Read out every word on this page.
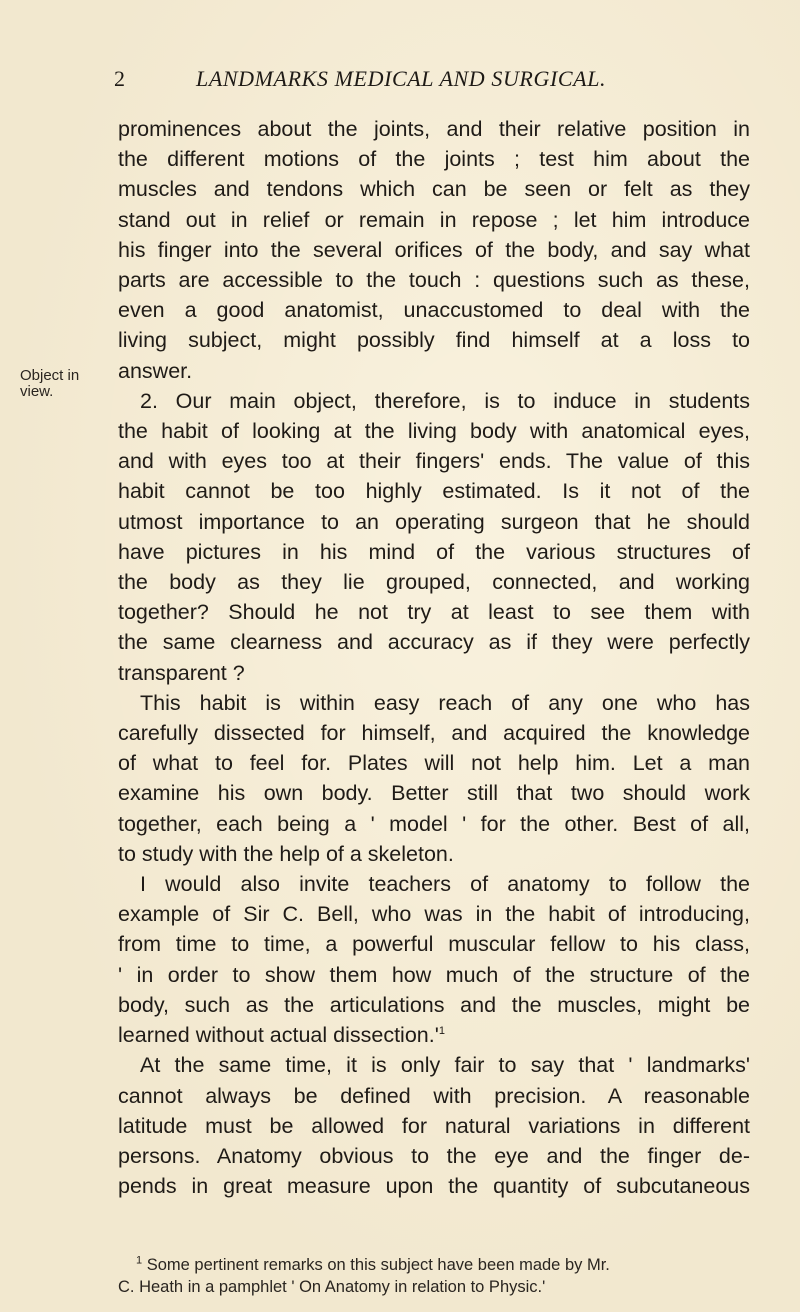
2	LANDMARKS MEDICAL AND SURGICAL.
Object in
view.

prominences about the joints, and their relative position in

the different motions of the joints ; test him about the

muscles and tendons which can be seen or felt as they

stand out in relief or remain in repose ; let him introduce

his finger into the several orifices of the body, and say what

parts are accessible to the touch : questions such as these,

even a good anatomist, unaccustomed to deal with the

living subject, might possibly find himself at a loss to

answer.

2. Our main object, therefore, is to induce in students

the habit of looking at the living body with anatomical eyes,

and with eyes too at their fingers' ends. The value of this

habit cannot be too highly estimated. Is it not of the

utmost importance to an operating surgeon that he should

have pictures in his mind of the various structures of

the body as they lie grouped, connected, and working

together? Should he not try at least to see them with

the same clearness and accuracy as if they were perfectly

transparent ?

This habit is within easy reach of any one who has

carefully dissected for himself, and acquired the knowledge

of what to feel for. Plates will not help him. Let a man

examine his own body. Better still that two should work

together, each being a ' model ' for the other. Best of all,

to study with the help of a skeleton.

I would also invite teachers of anatomy to follow the

example of Sir C. Bell, who was in the habit of introducing,

from time to time, a powerful muscular fellow to his class,

' in order to show them how much of the structure of the

body, such as the articulations and the muscles, might be

learned without actual $dissection.'^1$

At the same time, it is only fair to say that ' landmarks'

cannot always be defined with precision. A reasonable

latitude must be allowed for natural variations in different

persons. Anatomy obvious to the eye and the finger de-

pends in great measure upon the quantity of subcutaneous

$^1$ Some pertinent remarks on this subject have been made by Mr.

C. Heath in a pamphlet ' On Anatomy in relation to Physic.'
